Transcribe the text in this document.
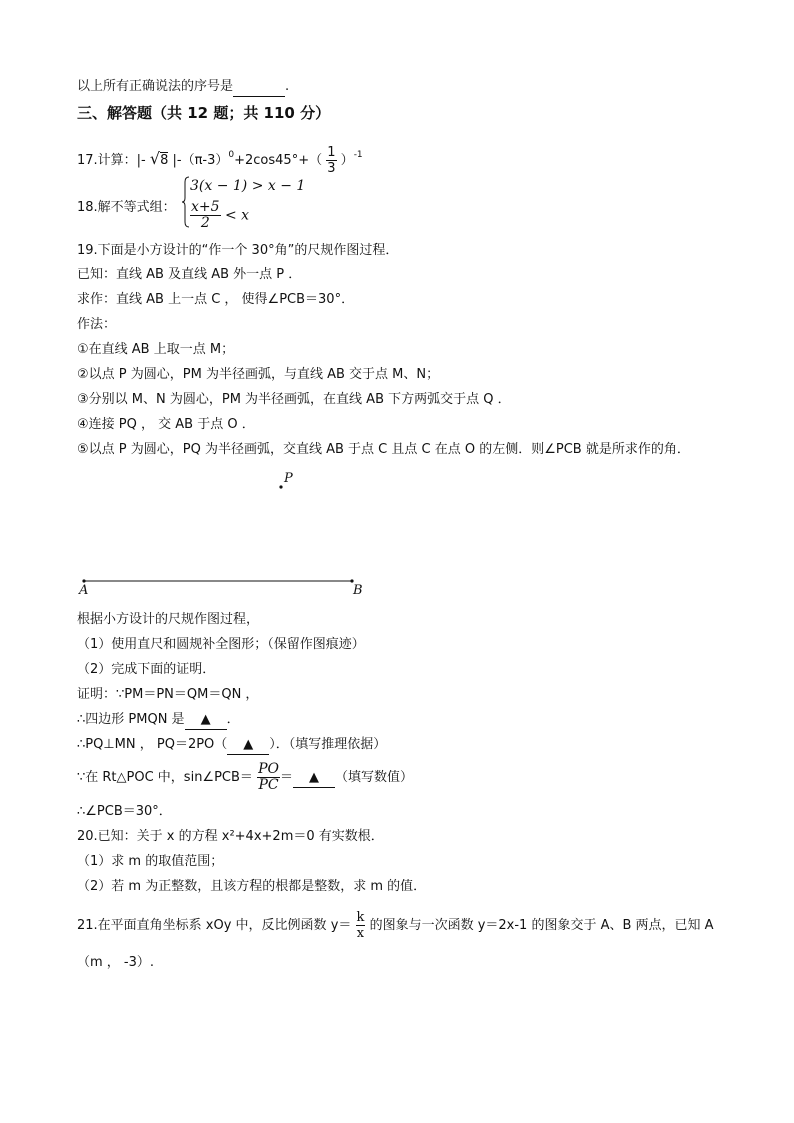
以上所有正确说法的序号是	.
三、解答题（共 12 题；共 110 分）
17.计算：|- √8 $|-(\pi-3)^0+2\cos 45^\circ+( \frac{1}{3} )^{-1}$
18.解不等式组：
3(x − 1) > x − 1
$\frac{x+5}{2} < x$
19.下面是小方设计的“作一个 30°角”的尺规作图过程．
已知：直线 AB 及直线 AB 外一点 P ．
求作：直线 AB 上一点 C ， 使得∠PCB＝30°．
作法：
①在直线 AB 上取一点 M；
②以点 P 为圆心，PM 为半径画弧，与直线 AB 交于点 M、N；
③分别以 M、N 为圆心，PM 为半径画弧，在直线 AB 下方两弧交于点 Q ．
④连接 PQ ， 交 AB 于点 O ．
⑤以点 P 为圆心，PQ 为半径画弧，交直线 AB 于点 C 且点 C 在点 O 的左侧．则∠PCB 就是所求作的角．
P
A	B
根据小方设计的尺规作图过程，
（1）使用直尺和圆规补全图形；（保留作图痕迹）
（2）完成下面的证明．
证明：∵PM＝PN＝QM＝QN ，
∴四边形 PMQN 是 ▲ ．
∴PQ⊥MN ， PQ＝2PO（ ▲ ）．（填写推理依据）
∵在 Rt△POC 中，sin∠PCB＝ $\frac{PO}{PC}$ ＝ ▲ （填写数值）
∴∠PCB＝30°．
20.已知：关于 x 的方程 x²+4x+2m＝0 有实数根．
（1）求 m 的取值范围；
（2）若 m 为正整数，且该方程的根都是整数，求 m 的值．
21.在平面直角坐标系 xOy 中，反比例函数 $y= \frac{k}{x}$ 的图象与一次函数 y＝2x-1 的图象交于 A、B 两点，已知 A
（m ， -3）.
